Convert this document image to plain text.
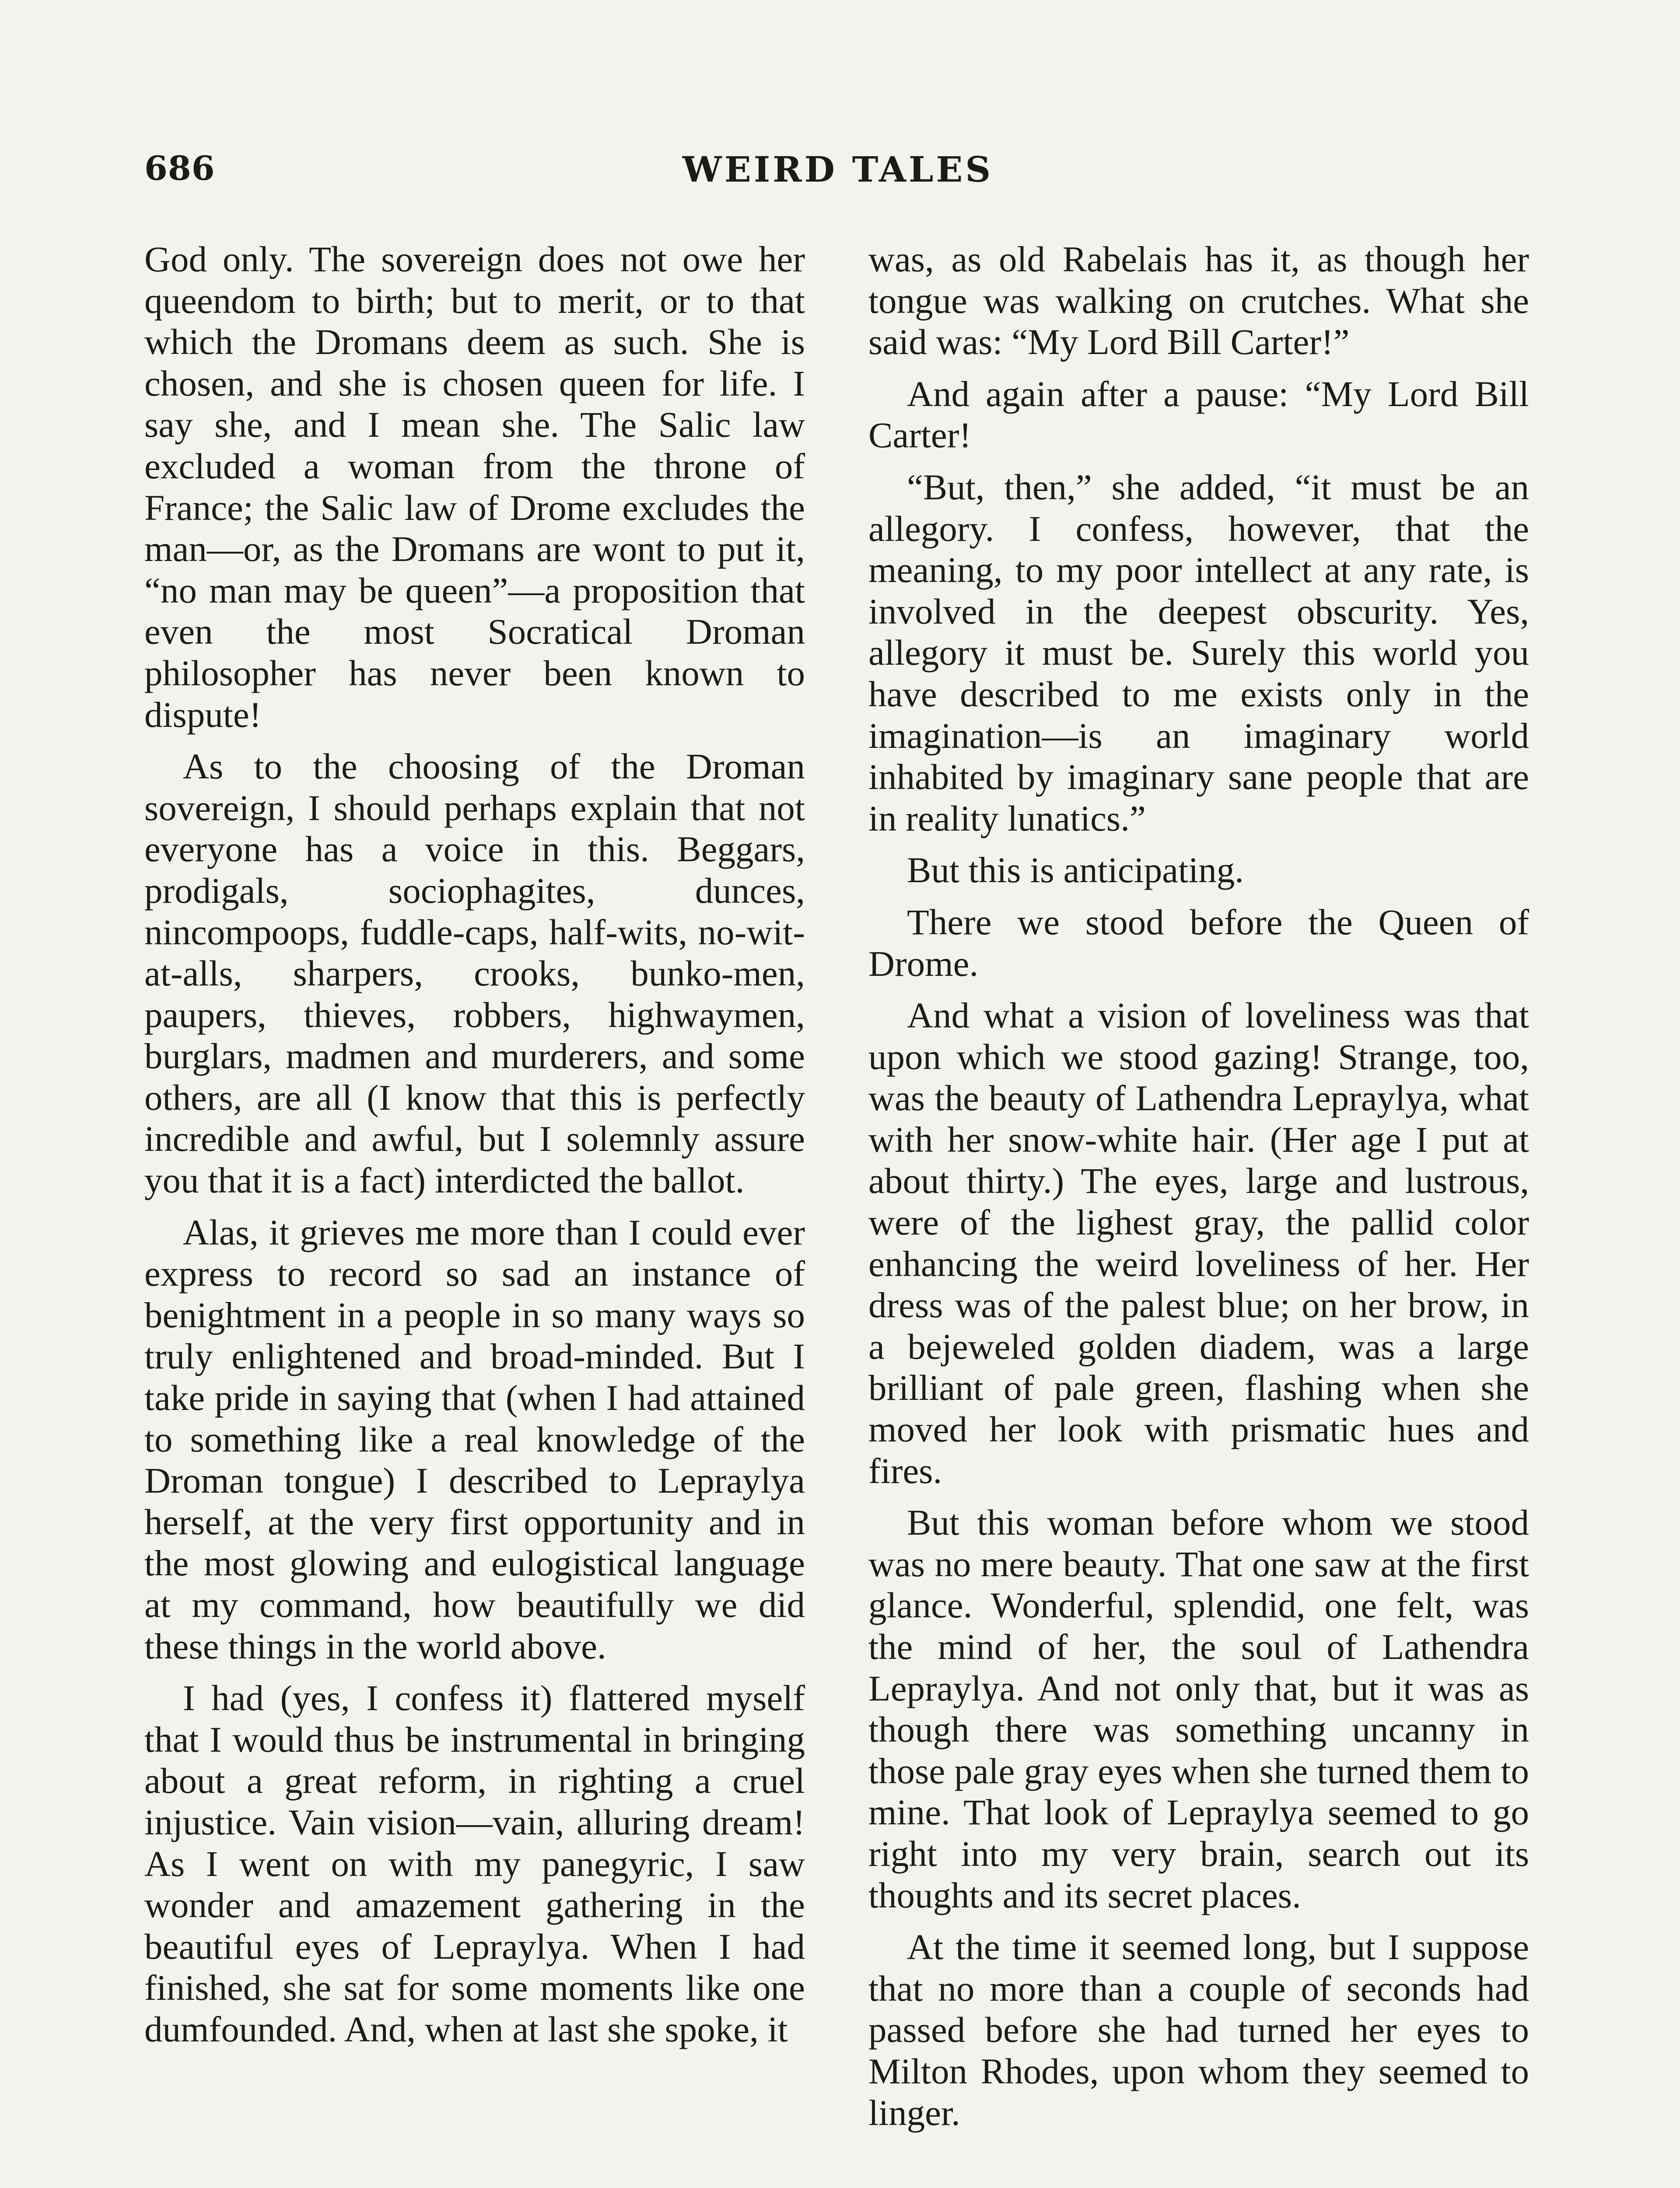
686	WEIRD TALES

God only. The sovereign does not owe her queendom to birth; but to merit, or to that which the Dromans deem as such. She is chosen, and she is chosen queen for life. I say she, and I mean she. The Salic law excluded a woman from the throne of France; the Salic law of Drome excludes the man—or, as the Dromans are wont to put it, “no man may be queen”—a proposition that even the most Socratical Droman philosopher has never been known to dispute!

As to the choosing of the Droman sovereign, I should perhaps explain that not everyone has a voice in this. Beggars, prodigals, sociophagites, dunces, nincompoops, fuddle-caps, half-wits, no-wit-at-alls, sharpers, crooks, bunko-men, paupers, thieves, robbers, highwaymen, burglars, madmen and murderers, and some others, are all (I know that this is perfectly incredible and awful, but I solemnly assure you that it is a fact) interdicted the ballot.

Alas, it grieves me more than I could ever express to record so sad an instance of benightment in a people in so many ways so truly enlightened and broad-minded. But I take pride in saying that (when I had attained to something like a real knowledge of the Droman tongue) I described to Lepraylya herself, at the very first opportunity and in the most glowing and eulogistical language at my command, how beautifully we did these things in the world above.

I had (yes, I confess it) flattered myself that I would thus be instrumental in bringing about a great reform, in righting a cruel injustice. Vain vision—vain, alluring dream! As I went on with my panegyric, I saw wonder and amazement gathering in the beautiful eyes of Lepraylya. When I had finished, she sat for some moments like one dumfounded. And, when at last she spoke, it

was, as old Rabelais has it, as though her tongue was walking on crutches. What she said was: “My Lord Bill Carter!”

And again after a pause: “My Lord Bill Carter!

“But, then,” she added, “it must be an allegory. I confess, however, that the meaning, to my poor intellect at any rate, is involved in the deepest obscurity. Yes, allegory it must be. Surely this world you have described to me exists only in the imagination—is an imaginary world inhabited by imaginary sane people that are in reality lunatics.”

But this is anticipating.

There we stood before the Queen of Drome.

And what a vision of loveliness was that upon which we stood gazing! Strange, too, was the beauty of Lathendra Lepraylya, what with her snow-white hair. (Her age I put at about thirty.) The eyes, large and lustrous, were of the lighest gray, the pallid color enhancing the weird loveliness of her. Her dress was of the palest blue; on her brow, in a bejeweled golden diadem, was a large brilliant of pale green, flashing when she moved her look with prismatic hues and fires.

But this woman before whom we stood was no mere beauty. That one saw at the first glance. Wonderful, splendid, one felt, was the mind of her, the soul of Lathendra Lepraylya. And not only that, but it was as though there was something uncanny in those pale gray eyes when she turned them to mine. That look of Lepraylya seemed to go right into my very brain, search out its thoughts and its secret places.

At the time it seemed long, but I suppose that no more than a couple of seconds had passed before she had turned her eyes to Milton Rhodes, upon whom they seemed to linger.
